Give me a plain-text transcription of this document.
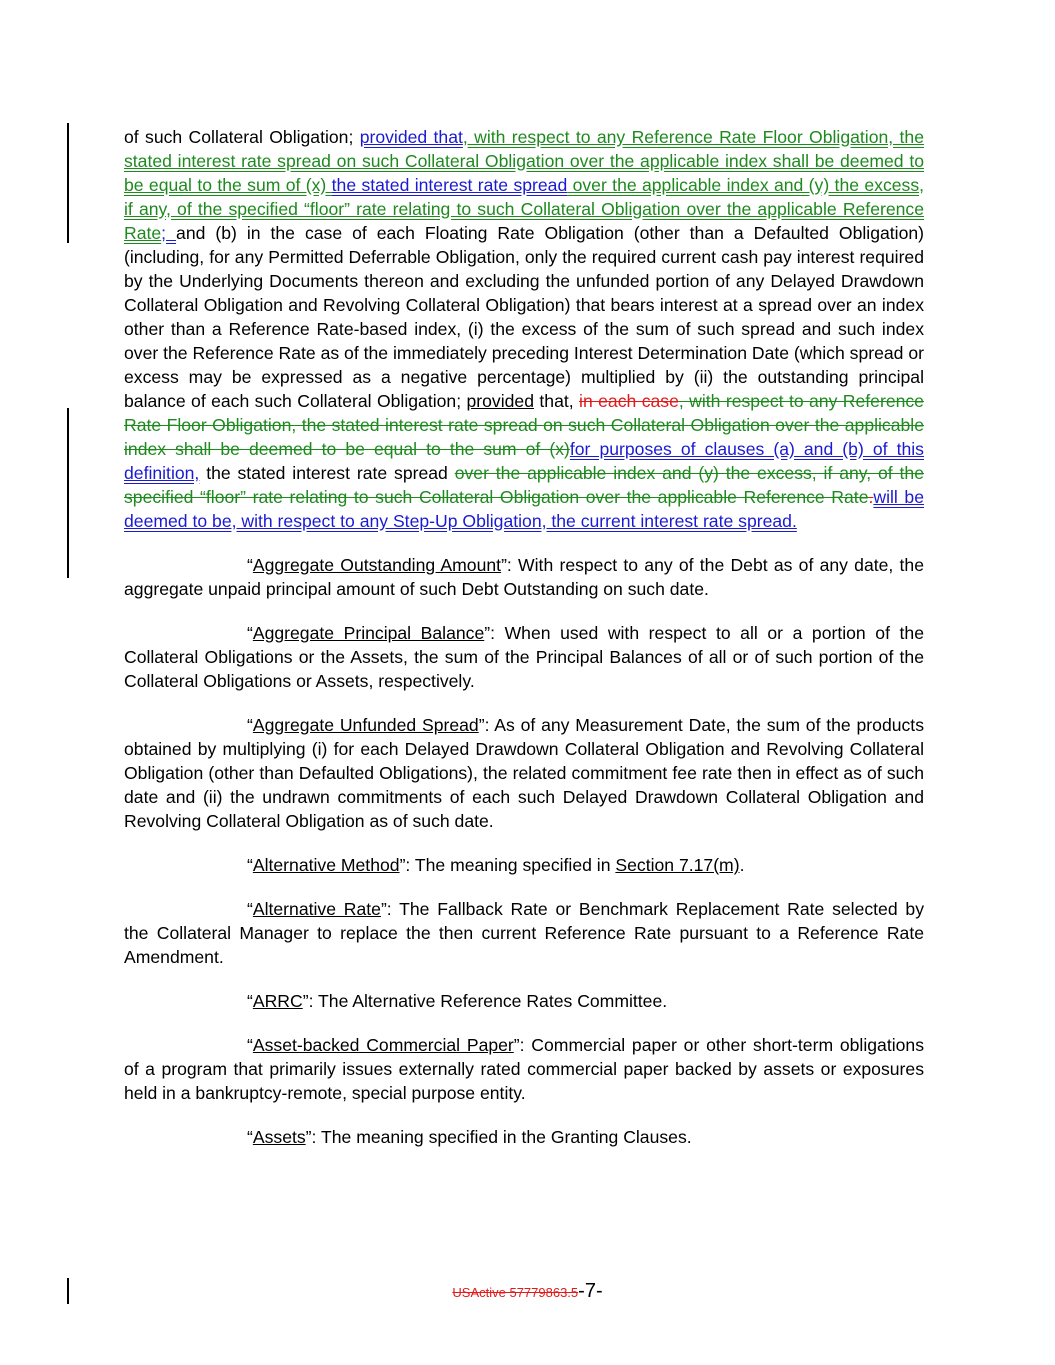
of such Collateral Obligation; provided that, with respect to any Reference Rate Floor Obligation, the stated interest rate spread on such Collateral Obligation over the applicable index shall be deemed to be equal to the sum of (x) the stated interest rate spread over the applicable index and (y) the excess, if any, of the specified “floor” rate relating to such Collateral Obligation over the applicable Reference Rate; and (b) in the case of each Floating Rate Obligation (other than a Defaulted Obligation) (including, for any Permitted Deferrable Obligation, only the required current cash pay interest required by the Underlying Documents thereon and excluding the unfunded portion of any Delayed Drawdown Collateral Obligation and Revolving Collateral Obligation) that bears interest at a spread over an index other than a Reference Rate-based index, (i) the excess of the sum of such spread and such index over the Reference Rate as of the immediately preceding Interest Determination Date (which spread or excess may be expressed as a negative percentage) multiplied by (ii) the outstanding principal balance of each such Collateral Obligation; provided that, in each case, with respect to any Reference Rate Floor Obligation, the stated interest rate spread on such Collateral Obligation over the applicable index shall be deemed to be equal to the sum of (x)for purposes of clauses (a) and (b) of this definition, the stated interest rate spread over the applicable index and (y) the excess, if any, of the specified “floor” rate relating to such Collateral Obligation over the applicable Reference Rate.will be deemed to be, with respect to any Step-Up Obligation, the current interest rate spread.

“Aggregate Outstanding Amount”: With respect to any of the Debt as of any date, the aggregate unpaid principal amount of such Debt Outstanding on such date.

“Aggregate Principal Balance”: When used with respect to all or a portion of the Collateral Obligations or the Assets, the sum of the Principal Balances of all or of such portion of the Collateral Obligations or Assets, respectively.

“Aggregate Unfunded Spread”: As of any Measurement Date, the sum of the products obtained by multiplying (i) for each Delayed Drawdown Collateral Obligation and Revolving Collateral Obligation (other than Defaulted Obligations), the related commitment fee rate then in effect as of such date and (ii) the undrawn commitments of each such Delayed Drawdown Collateral Obligation and Revolving Collateral Obligation as of such date.

“Alternative Method”: The meaning specified in Section 7.17(m).

“Alternative Rate”: The Fallback Rate or Benchmark Replacement Rate selected by the Collateral Manager to replace the then current Reference Rate pursuant to a Reference Rate Amendment.

“ARRC”: The Alternative Reference Rates Committee.

“Asset-backed Commercial Paper”: Commercial paper or other short-term obligations of a program that primarily issues externally rated commercial paper backed by assets or exposures held in a bankruptcy-remote, special purpose entity.

“Assets”: The meaning specified in the Granting Clauses.

USActive 57779863.5-7-
